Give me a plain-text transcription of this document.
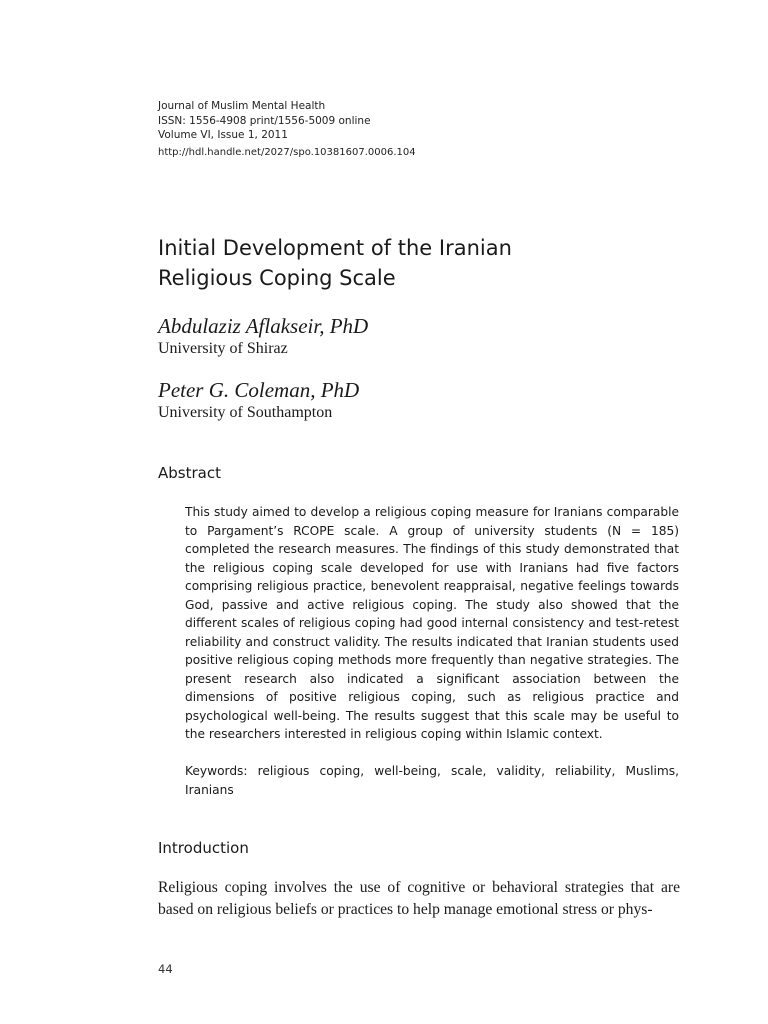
Journal of Muslim Mental Health
ISSN: 1556-4908 print/1556-5009 online
Volume VI, Issue 1, 2011
http://hdl.handle.net/2027/spo.10381607.0006.104
Initial Development of the Iranian
Religious Coping Scale
Abdulaziz Aflakseir, PhD
University of Shiraz
Peter G. Coleman, PhD
University of Southampton
Abstract

This study aimed to develop a religious coping measure for Iranians comparable to Pargament’s RCOPE scale. A group of university students (N = 185) completed the research measures. The findings of this study demonstrated that the religious coping scale developed for use with Iranians had five factors comprising religious practice, benevolent reappraisal, negative feelings towards God, passive and active religious coping. The study also showed that the different scales of religious coping had good internal consistency and test-retest reliability and construct validity. The results indicated that Iranian students used positive religious coping methods more frequently than negative strategies. The present research also indicated a significant association between the dimensions of positive religious coping, such as religious practice and psychological well-being. The results suggest that this scale may be useful to the researchers interested in religious coping within Islamic context.

Keywords: religious coping, well-being, scale, validity, reliability, Muslims, Iranians

Introduction

Religious coping involves the use of cognitive or behavioral strategies that are based on religious beliefs or practices to help manage emotional stress or phys-

44
